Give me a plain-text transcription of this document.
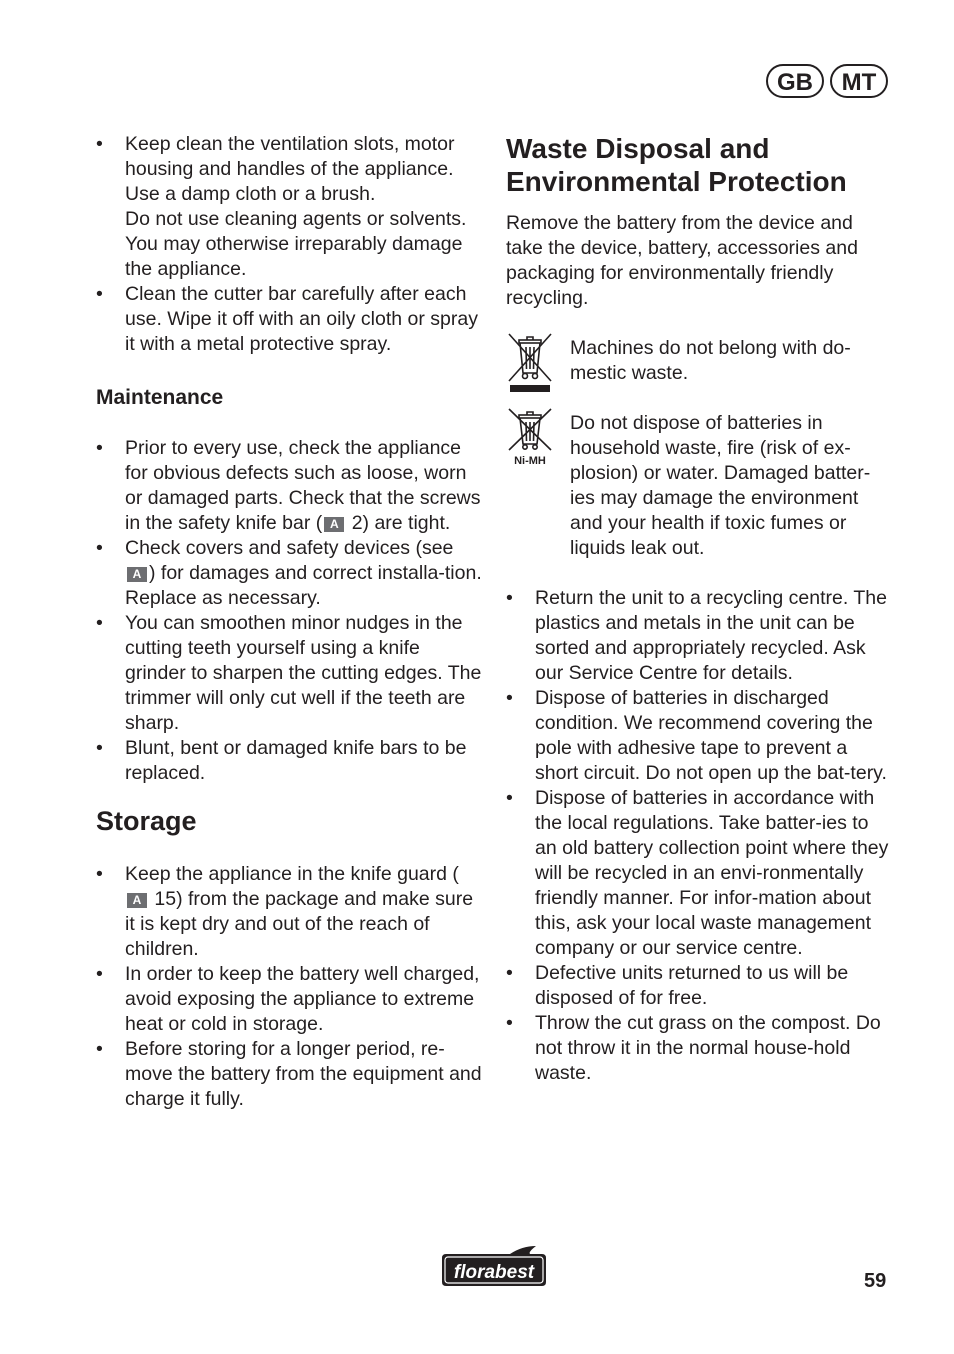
GB	MT
• Keep clean the ventilation slots, motor housing and handles of the appliance. Use a damp cloth or a brush.
Do not use cleaning agents or solvents. You may otherwise irreparably damage the appliance.
• Clean the cutter bar carefully after each use. Wipe it off with an oily cloth or spray it with a metal protective spray.
Maintenance
• Prior to every use, check the appliance for obvious defects such as loose, worn or damaged parts. Check that the screws in the safety knife bar ( A 2) are tight.
• Check covers and safety devices (see A ) for damages and correct installa-tion. Replace as necessary.
• You can smoothen minor nudges in the cutting teeth yourself using a knife grinder to sharpen the cutting edges. The trimmer will only cut well if the teeth are sharp.
• Blunt, bent or damaged knife bars to be replaced.
Storage
• Keep the appliance in the knife guard (A 15) from the package and make sure it is kept dry and out of the reach of children.
• In order to keep the battery well charged, avoid exposing the appliance to extreme heat or cold in storage.
• Before storing for a longer period, re-move the battery from the equipment and charge it fully.
Waste Disposal and Environmental Protection
Remove the battery from the device and take the device, battery, accessories and packaging for environmentally friendly recycling.
Machines do not belong with do-mestic waste.
Ni-MH
Do not dispose of batteries in household waste, fire (risk of ex-plosion) or water. Damaged batter-ies may damage the environment and your health if toxic fumes or liquids leak out.
• Return the unit to a recycling centre. The plastics and metals in the unit can be sorted and appropriately recycled. Ask our Service Centre for details.
• Dispose of batteries in discharged condition. We recommend covering the pole with adhesive tape to prevent a short circuit. Do not open up the bat-tery.
• Dispose of batteries in accordance with the local regulations. Take batter-ies to an old battery collection point where they will be recycled in an envi-ronmentally friendly manner. For infor-mation about this, ask your local waste management company or our service centre.
• Defective units returned to us will be disposed of for free.
• Throw the cut grass on the compost. Do not throw it in the normal house-hold waste.
florabest	59
